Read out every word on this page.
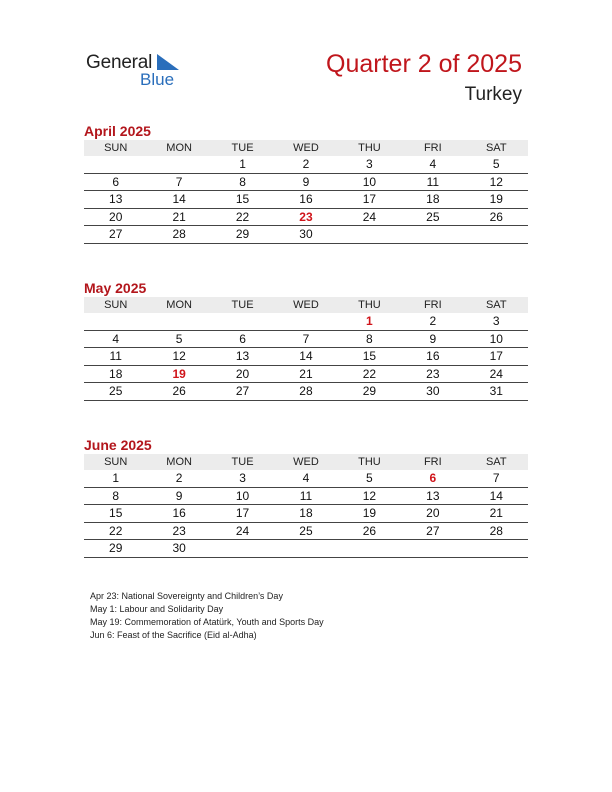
General
Blue
Quarter 2 of 2025
Turkey
April 2025
SUN	MON	TUE	WED	THU	FRI	SAT
		1	2	3	4	5
6	7	8	9	10	11	12
13	14	15	16	17	18	19
20	21	22	23	24	25	26
27	28	29	30			
May 2025
SUN	MON	TUE	WED	THU	FRI	SAT
				1	2	3
4	5	6	7	8	9	10
11	12	13	14	15	16	17
18	19	20	21	22	23	24
25	26	27	28	29	30	31
June 2025
SUN	MON	TUE	WED	THU	FRI	SAT
1	2	3	4	5	6	7
8	9	10	11	12	13	14
15	16	17	18	19	20	21
22	23	24	25	26	27	28
29	30					
Apr 23: National Sovereignty and Children’s Day
May 1: Labour and Solidarity Day
May 19: Commemoration of Atatürk, Youth and Sports Day
Jun 6: Feast of the Sacrifice (Eid al-Adha)
